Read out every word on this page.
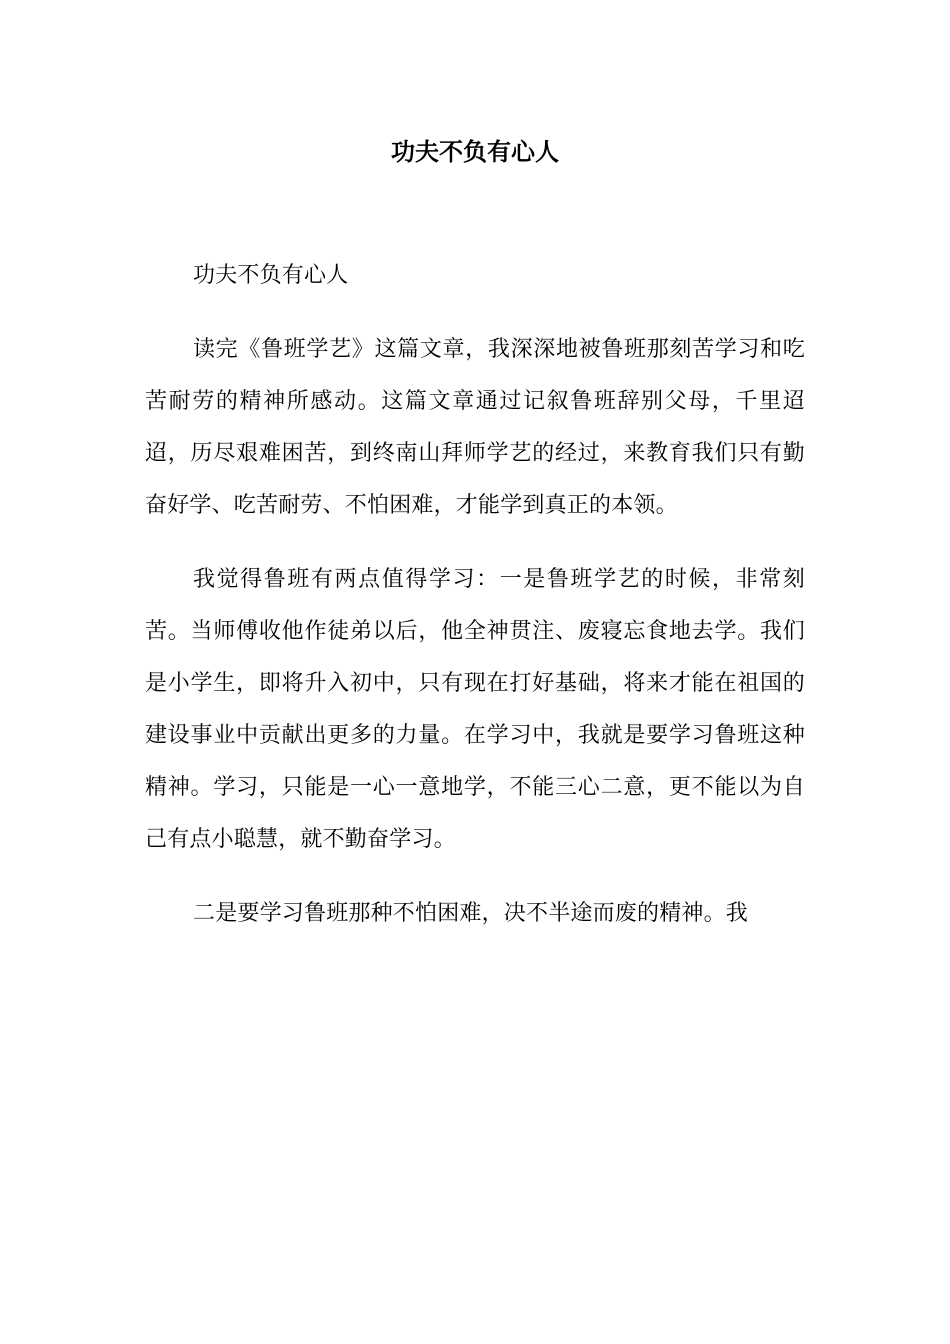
功夫不负有心人

功夫不负有心人

读完《鲁班学艺》这篇文章，我深深地被鲁班那刻苦学习和吃苦耐劳的精神所感动。这篇文章通过记叙鲁班辞别父母，千里迢迢，历尽艰难困苦，到终南山拜师学艺的经过，来教育我们只有勤奋好学、吃苦耐劳、不怕困难，才能学到真正的本领。

我觉得鲁班有两点值得学习：一是鲁班学艺的时候，非常刻苦。当师傅收他作徒弟以后，他全神贯注、废寝忘食地去学。我们是小学生，即将升入初中，只有现在打好基础，将来才能在祖国的建设事业中贡献出更多的力量。在学习中，我就是要学习鲁班这种精神。学习，只能是一心一意地学，不能三心二意，更不能以为自己有点小聪慧，就不勤奋学习。

二是要学习鲁班那种不怕困难，决不半途而废的精神。我
